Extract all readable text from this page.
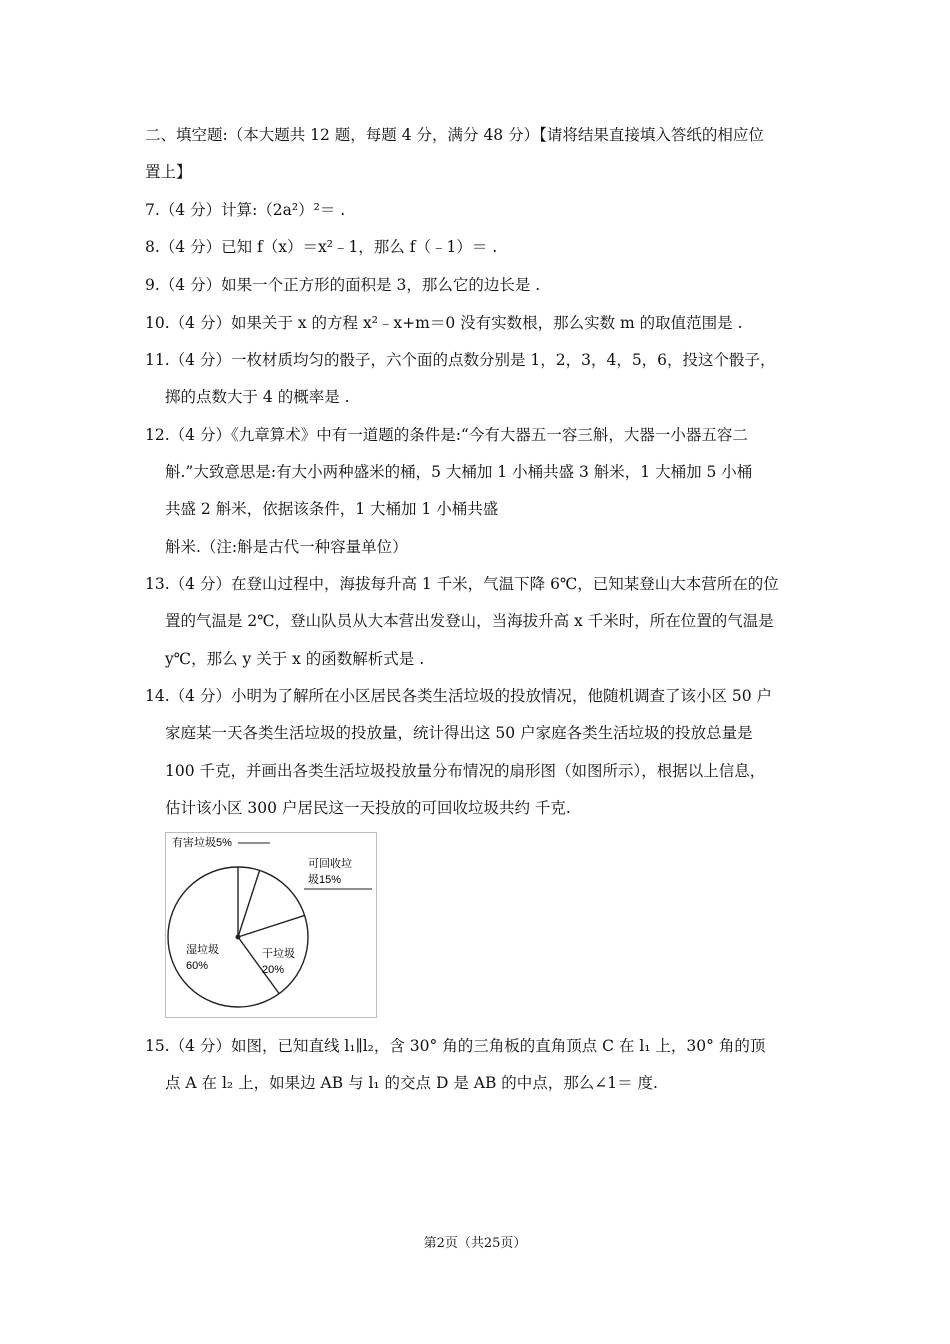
二、填空题:（本大题共 12 题，每题 4 分，满分 48 分）【请将结果直接填入答纸的相应位
置上】
7.（4 分）计算:（2a²）²＝ .
8.（4 分）已知 f（x）＝x²﹣1，那么 f（﹣1）＝ .
9.（4 分）如果一个正方形的面积是 3，那么它的边长是 .
10.（4 分）如果关于 x 的方程 x²﹣x+m＝0 没有实数根，那么实数 m 的取值范围是 .
11.（4 分）一枚材质均匀的骰子，六个面的点数分别是 1，2，3，4，5，6，投这个骰子，
掷的点数大于 4 的概率是 .
12.（4 分）《九章算术》中有一道题的条件是:“今有大器五一容三斛，大器一小器五容二
斛.”大致意思是:有大小两种盛米的桶，5 大桶加 1 小桶共盛 3 斛米，1 大桶加 5 小桶
共盛 2 斛米，依据该条件，1 大桶加 1 小桶共盛
斛米.（注:斛是古代一种容量单位）
13.（4 分）在登山过程中，海拔每升高 1 千米，气温下降 6℃，已知某登山大本营所在的位
置的气温是 2℃，登山队员从大本营出发登山，当海拔升高 x 千米时，所在位置的气温是
y℃，那么 y 关于 x 的函数解析式是 .
14.（4 分）小明为了解所在小区居民各类生活垃圾的投放情况，他随机调查了该小区 50 户
家庭某一天各类生活垃圾的投放量，统计得出这 50 户家庭各类生活垃圾的投放总量是
100 千克，并画出各类生活垃圾投放量分布情况的扇形图（如图所示），根据以上信息，
估计该小区 300 户居民这一天投放的可回收垃圾共约 千克.
有害垃圾5%
可回收垃
圾15%
干垃圾
20%
湿垃圾
60%
15.（4 分）如图，已知直线 l₁∥l₂，含 30° 角的三角板的直角顶点 C 在 l₁ 上，30° 角的顶
点 A 在 l₂ 上，如果边 AB 与 l₁ 的交点 D 是 AB 的中点，那么∠1＝ 度.
第2页（共25页）
